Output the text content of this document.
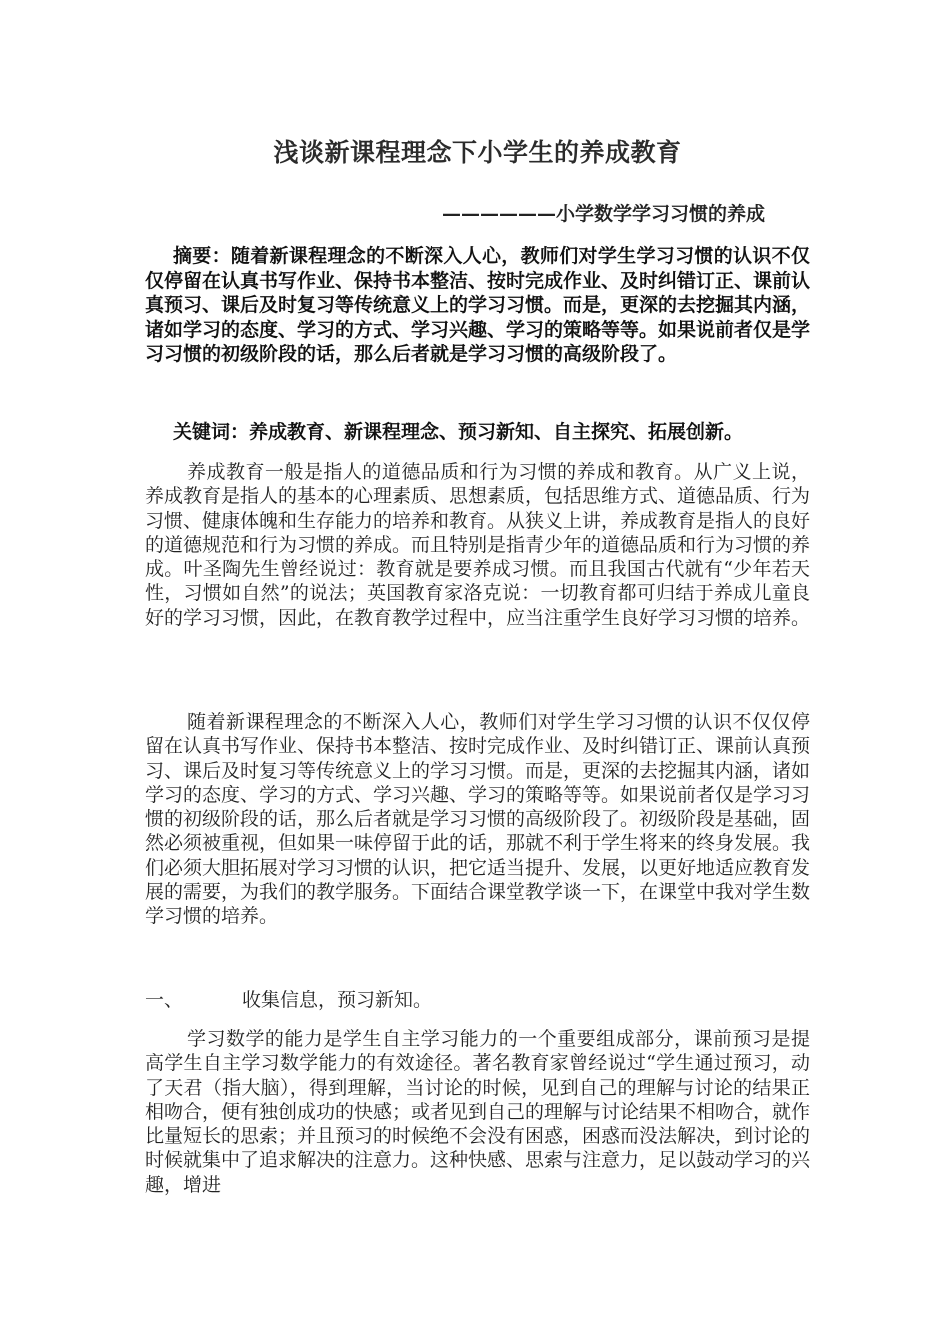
浅谈新课程理念下小学生的养成教育
——————小学数学学习习惯的养成
摘要：随着新课程理念的不断深入人心，教师们对学生学习习惯的认识不仅仅停留在认真书写作业、保持书本整洁、按时完成作业、及时纠错订正、课前认真预习、课后及时复习等传统意义上的学习习惯。而是，更深的去挖掘其内涵，诸如学习的态度、学习的方式、学习兴趣、学习的策略等等。如果说前者仅是学习习惯的初级阶段的话，那么后者就是学习习惯的高级阶段了。
关键词：养成教育、新课程理念、预习新知、自主探究、拓展创新。
养成教育一般是指人的道德品质和行为习惯的养成和教育。从广义上说，养成教育是指人的基本的心理素质、思想素质，包括思维方式、道德品质、行为习惯、健康体魄和生存能力的培养和教育。从狭义上讲，养成教育是指人的良好的道德规范和行为习惯的养成。而且特别是指青少年的道德品质和行为习惯的养成。叶圣陶先生曾经说过：教育就是要养成习惯。而且我国古代就有“少年若天性，习惯如自然”的说法；英国教育家洛克说：一切教育都可归结于养成儿童良好的学习习惯，因此，在教育教学过程中，应当注重学生良好学习习惯的培养。
随着新课程理念的不断深入人心，教师们对学生学习习惯的认识不仅仅停留在认真书写作业、保持书本整洁、按时完成作业、及时纠错订正、课前认真预习、课后及时复习等传统意义上的学习习惯。而是，更深的去挖掘其内涵，诸如学习的态度、学习的方式、学习兴趣、学习的策略等等。如果说前者仅是学习习惯的初级阶段的话，那么后者就是学习习惯的高级阶段了。初级阶段是基础，固然必须被重视，但如果一味停留于此的话，那就不利于学生将来的终身发展。我们必须大胆拓展对学习习惯的认识，把它适当提升、发展，以更好地适应教育发展的需要，为我们的教学服务。下面结合课堂教学谈一下，在课堂中我对学生数学习惯的培养。
一、	收集信息，预习新知。
学习数学的能力是学生自主学习能力的一个重要组成部分，课前预习是提高学生自主学习数学能力的有效途径。著名教育家曾经说过“学生通过预习，动了天君（指大脑），得到理解，当讨论的时候，见到自己的理解与讨论的结果正相吻合，便有独创成功的快感；或者见到自己的理解与讨论结果不相吻合，就作比量短长的思索；并且预习的时候绝不会没有困惑，困惑而没法解决，到讨论的时候就集中了追求解决的注意力。这种快感、思索与注意力，足以鼓动学习的兴趣，增进
